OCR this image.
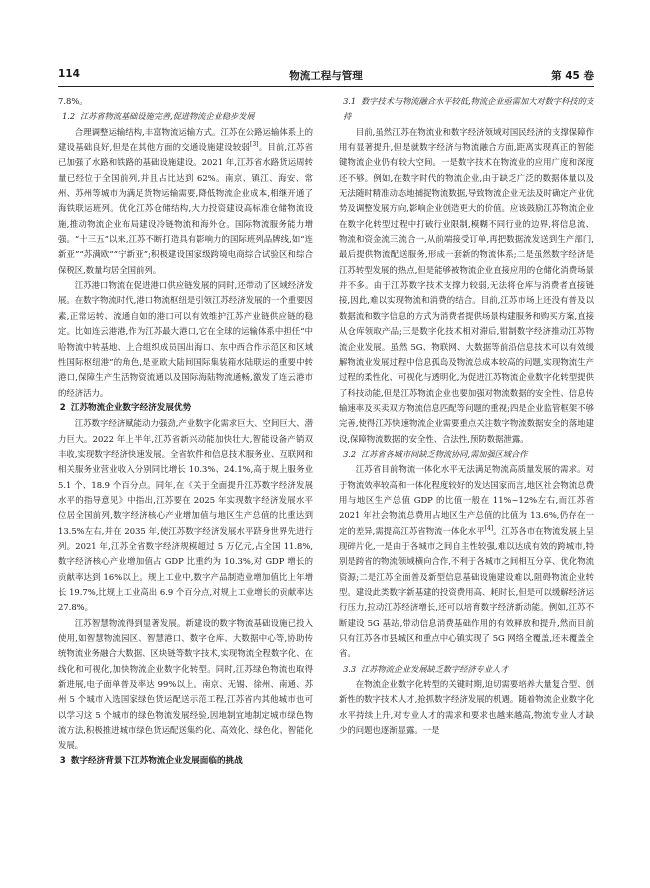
114	物流工程与管理	第 45 卷

7.8%。

1.2 江苏省物流基础设施完善,促进物流企业稳步发展

合理调整运输结构,丰富物流运输方式。江苏在公路运输体系上的建设基础良好,但是在其他方面的交通设施建设较弱[3]。目前,江苏省已加强了水路和铁路的基础设施建设。2021 年,江苏省水路货运周转量已经位于全国前列,并且占比达到 62%。南京、镇江、海安、常州、苏州等城市为满足货物运输需要,降低物流企业成本,相继开通了海铁联运班列。优化江苏仓储结构,大力投资建设高标准仓储物流设施,推动物流企业布局建设冷链物流和海外仓。国际物流服务能力增强。“十三五”以来,江苏不断打造具有影响力的国际班列品牌线,如“连新亚”“苏满欧”“宁新亚”;积极建设国家级跨境电商综合试验区和综合保税区,数量均居全国前列。

江苏港口物流在促进港口供应链发展的同时,还带动了区域经济发展。在数字物流时代,港口物流枢纽是引领江苏经济发展的一个重要因素,正常运转、流通自如的港口可以有效维护江苏产业链供应链的稳定。比如连云港港,作为江苏最大港口,它在全球的运输体系中担任“中哈物流中转基地、上合组织成员国出海口、东中西合作示范区和区域性国际枢纽港”的角色,是亚欧大陆间国际集装箱水陆联运的重要中转港口,保障生产生活物资流通以及国际海陆物流通畅,激发了连云港市的经济活力。

2 江苏物流企业数字经济发展优势

江苏数字经济赋能动力强劲,产业数字化需求巨大、空间巨大、潜力巨大。2022 年上半年,江苏省新兴动能加快壮大,智能设备产销双丰收,实现数字经济快速发展。全省软件和信息技术服务业、互联网和相关服务业营业收入分别同比增长 10.3%、24.1%,高于规上服务业 5.1 个、18.9 个百分点。同年,在《关于全面提升江苏数字经济发展水平的指导意见》中指出,江苏要在 2025 年实现数字经济发展水平位居全国前列,数字经济核心产业增加值与地区生产总值的比重达到 13.5%左右,并在 2035 年,使江苏数字经济发展水平跻身世界先进行列。2021 年,江苏全省数字经济规模超过 5 万亿元,占全国 11.8%,数字经济核心产业增加值占 GDP 比重约为 10.3%,对 GDP 增长的贡献率达到 16%以上。规上工业中,数字产品制造业增加值比上年增长 19.7%,比规上工业高出 6.9 个百分点,对规上工业增长的贡献率达 27.8%。

江苏智慧物流得到显著发展。新建设的数字物流基础设施已投入使用,如智慧物流园区、智慧港口、数字仓库、大数据中心等,协助传统物流业务融合大数据、区块链等数字技术,实现物流全程数字化、在线化和可视化,加快物流企业数字化转型。同时,江苏绿色物流也取得新进展,电子面单普及率达 99%以上。南京、无锡、徐州、南通、苏州 5 个城市入选国家绿色货运配送示范工程,江苏省内其他城市也可以学习这 5 个城市的绿色物流发展经验,因地制宜地制定城市绿色物流方法,积极推进城市绿色货运配送集约化、高效化、绿色化、智能化发展。

3 数字经济背景下江苏物流企业发展面临的挑战
3.1 数字技术与物流融合水平较低,物流企业亟需加大对数字科技的支持

目前,虽然江苏在物流业和数字经济领域对国民经济的支撑保障作用有显著提升,但是就数字经济与物流融合方面,距离实现真正的智能键物流企业仍有较大空间。一是数字技术在物流业的应用广度和深度还不够。例如,在数字时代的物流企业,由于缺乏广泛的数据体量以及无法随时精准动态地捕捉物流数据,导致物流企业无法及时确定产业优势及调整发展方向,影响企业创造更大的价值。应该鼓励江苏物流企业在数字化转型过程中打破行业限制,模糊不同行业的边界,将信息流、物流和资金流三流合一,从前端接受订单,再把数据流发送到生产部门,最后提供物流配送服务,形成一套新的物流体系;二是虽然数字经济是江苏转型发展的热点,但是能够被物流企业直接应用的仓储化消费场景并不多。由于江苏数字技术支撑力较弱,无法将仓库与消费者直接链接,因此,难以实现物流和消费的结合。目前,江苏市场上还没有普及以数据流和数字信息的方式为消费者提供场景构建服务和购买方案,直接从仓库领取产品;三是数字化技术相对滞后,钳制数字经济推动江苏物流企业发展。虽然 5G、物联网、大数据等前沿信息技术可以有效缓解物流业发展过程中信息孤岛及物流总成本较高的问题,实现物流生产过程的柔性化、可视化与透明化,为促进江苏物流企业数字化转型提供了科技动能,但是江苏物流企业也要加强对物流数据的安全性、信息传输速率及买卖双方物流信息匹配等问题的重视;四是企业监管框架不够完善,使得江苏快速物流企业需要重点关注数字物流数据安全的落地建设,保障物流数据的安全性、合法性,预防数据泄露。

3.2 江苏省各城市间缺乏物流协同,需加强区域合作

江苏省目前物流一体化水平无法满足物流高质量发展的需求。对于物流效率较高和一体化程度较好的发达国家而言,地区社会物流总费用与地区生产总值 GDP 的比值一般在 11%~12%左右,而江苏省 2021 年社会物流总费用占地区生产总值的比值为 13.6%,仍存在一定的差异,需提高江苏省物流一体化水平[4]。江苏各市在物流发展上呈现碎片化,一是由于各城市之间自主性较强,难以达成有效的跨城市,特别是跨省的物流领域横向合作,不利于各城市之间相互分享、优化物流资源;二是江苏全面普及新型信息基础设施建设难以,阻碍物流企业转型。建设此类数字新基建的投资费用高、耗时长,但是可以缓解经济运行压力,拉动江苏经济增长,还可以培育数字经济新动能。例如,江苏不断建设 5G 基站,带动信息消费基础作用的有效释放和提升,然而目前只有江苏各市县城区和重点中心镇实现了 5G 网络全覆盖,还未覆盖全省。

3.3 江苏物流企业发展缺乏数字经济专业人才

在物流企业数字化转型的关键时期,迫切需要培养大量复合型、创新性的数字技术人才,抢抓数字经济发展的机遇。随着物流企业数字化水平持续上升,对专业人才的需求和要求也越来越高,物流专业人才缺少的问题也逐渐显露。一是
